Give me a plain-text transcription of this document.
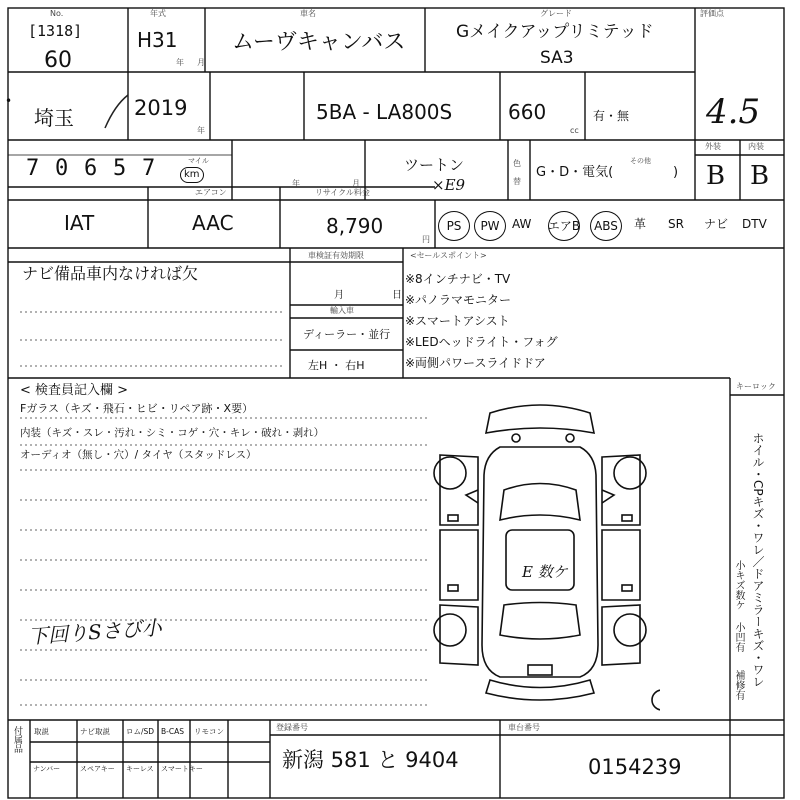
No.
[1318]
60
埼玉
•
年式
H31
年 月
車名
ムーヴキャンバス
グレード
Gメイクアップリミテッド
SA3
評価点
4.5
2019
年
5BA - LA800S	660
cc
有・無
7 0 6 5 7	マイル
km
年	月
ツートン
×E9
色
替
G・D・電気(	)
その他
外装	内装
B B
エアコン	リサイクル料金
IAT	AAC	8,790
円
PS	PW	AW エアB	ABS	革 SR ナビ DTV
ナビ備品車内なければ欠
車検証有効期限
月	日
輸入車
ディーラー・並行
左H ・ 右H
<セールスポイント>
※8インチナビ・TV
※パノラマモニター
※スマートアシスト
※LEDヘッドライト・フォグ
※両側パワースライドドア
< 検査員記入欄 >
Fガラス（キズ・飛石・ヒビ・リペア跡・X要）
内装（キズ・スレ・汚れ・シミ・コゲ・穴・キレ・破れ・剥れ）
オーディオ（無し・穴）/ タイヤ（スタッドレス）
下回りSさび小
E 数ケ
キーロック
ホイル・CPキズ・ワレ／ドアミラーキズ・ワレ
小キズ数ケ
小凹有
補修有
付属品 取説	ナビ取説 ロム/SD B-CAS リモコン
ナンバー	スペアキー キーレス スマートキー
登録番号
新潟 581 と 9404
車台番号
0154239
